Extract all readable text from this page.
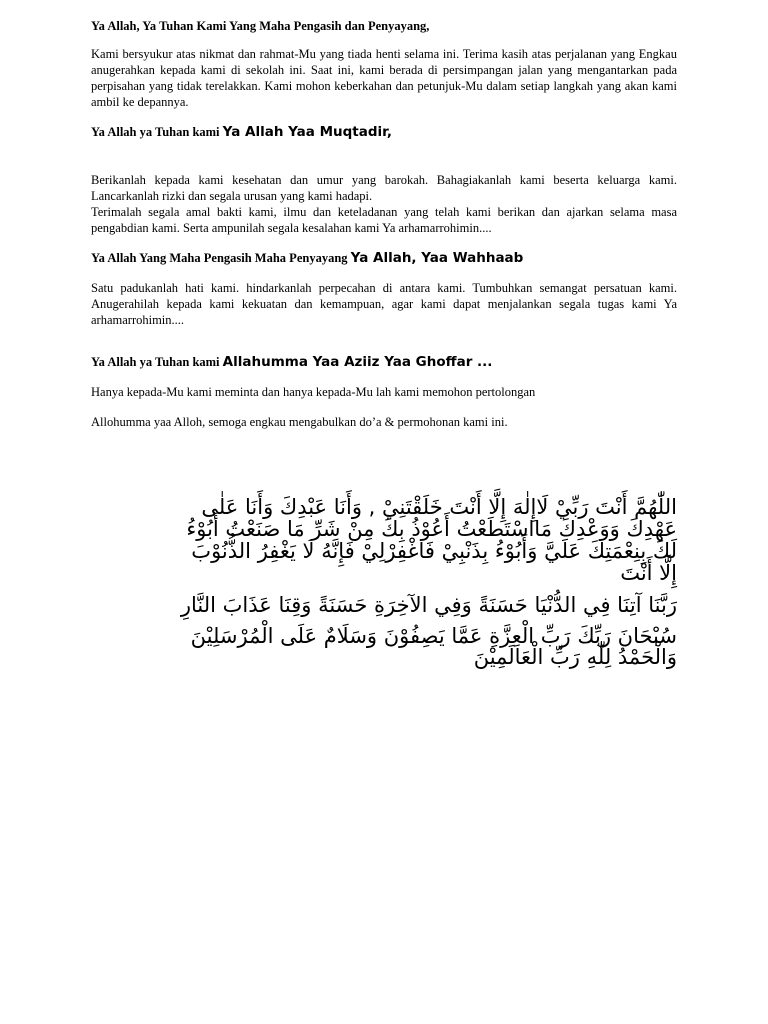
Ya Allah, Ya Tuhan Kami Yang Maha Pengasih dan Penyayang,

Kami bersyukur atas nikmat dan rahmat-Mu yang tiada henti selama ini. Terima kasih atas perjalanan yang Engkau anugerahkan kepada kami di sekolah ini. Saat ini, kami berada di persimpangan jalan yang mengantarkan pada perpisahan yang tidak terelakkan. Kami mohon keberkahan dan petunjuk-Mu dalam setiap langkah yang akan kami ambil ke depannya.

Ya Allah ya Tuhan kami Ya Allah Yaa Muqtadir,

Berikanlah kepada kami kesehatan dan umur yang barokah. Bahagiakanlah kami beserta keluarga kami. Lancarkanlah rizki dan segala urusan yang kami hadapi.

Terimalah segala amal bakti kami, ilmu dan keteladanan yang telah kami berikan dan ajarkan selama masa pengabdian kami. Serta ampunilah segala kesalahan kami Ya arhamarrohimin....

Ya Allah Yang Maha Pengasih Maha Penyayang Ya Allah, Yaa Wahhaab

Satu padukanlah hati kami. hindarkanlah perpecahan di antara kami. Tumbuhkan semangat persatuan kami. Anugerahilah kepada kami kekuatan dan kemampuan, agar kami dapat menjalankan segala tugas kami Ya arhamarrohimin....

Ya Allah ya Tuhan kami Allahumma Yaa Aziiz Yaa Ghoffar ...

Hanya kepada-Mu kami meminta dan hanya kepada-Mu lah kami memohon pertolongan

Allohumma yaa Alloh, semoga engkau mengabulkan do’a & permohonan kami ini.

اللّٰهُمَّ أَنْتَ رَبِّيْ لَاإِلٰهَ إِلَّا أَنْتَ خَلَقْتَنِيْ , وَأَنَا عَبْدِكَ وَأَنَا عَلٰى
عَهْدِكَ وَوَعْدِكَ مَااسْتَطَعْتُ أَعُوْذُ بِكَ مِنْ شَرِّ مَا صَنَعْتُ أَبُوْءُ
لَكَ بِنِعْمَتِكَ عَلَيَّ وَأَبُوْءُ بِذَنْبِيْ فَاغْفِرْلِيْ فَإِنَّهُ لَا يَغْفِرُ الذُّنُوْبَ
إِلَّا أَنْتَ
رَبَّنَا آتِنَا فِي الدُّنْيَا حَسَنَةً وَفِي الآخِرَةِ حَسَنَةً وَقِنَا عَذَابَ النَّارِ
سُبْحَانَ رَبِّكَ رَبِّ الْعِزَّةِ عَمَّا يَصِفُوْنَ وَسَلَامٌ عَلَى الْمُرْسَلِيْنَ
وَالْحَمْدُ لِلّٰهِ رَبِّ الْعَالَمِيْنَ
